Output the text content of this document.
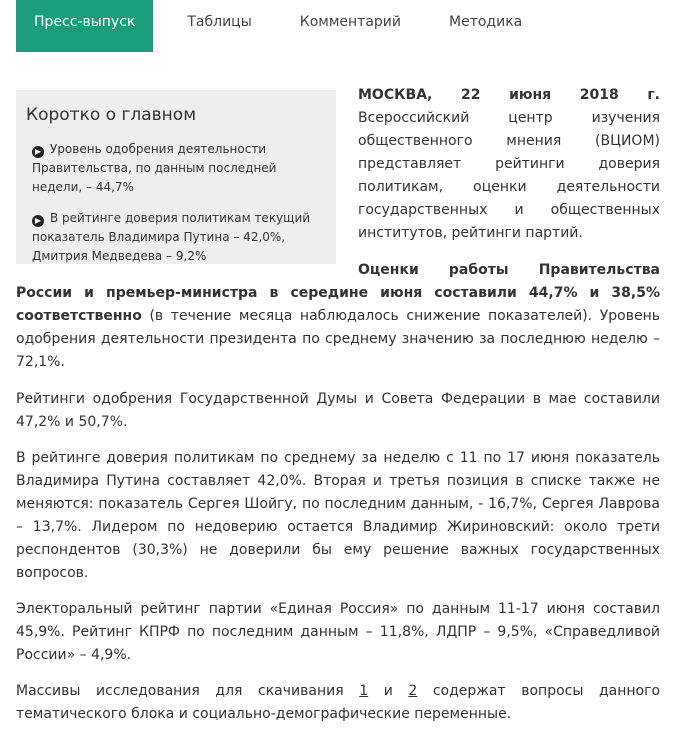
Пресс-выпуск	Таблицы	Комментарий	Методика
Коротко о главном
▶ Уровень одобрения деятельности Правительства, по данным последней недели, – 44,7%
▶ В рейтинге доверия политикам текущий показатель Владимира Путина – 42,0%, Дмитрия Медведева – 9,2%

МОСКВА, 22 июня 2018 г. Всероссийский центр изучения общественного мнения (ВЦИОМ) представляет рейтинги доверия политикам, оценки деятельности государственных и общественных институтов, рейтинги партий.

Оценки работы Правительства России и премьер-министра в середине июня составили 44,7% и 38,5% соответственно (в течение месяца наблюдалось снижение показателей). Уровень одобрения деятельности президента по среднему значению за последнюю неделю – 72,1%.

Рейтинги одобрения Государственной Думы и Совета Федерации в мае составили 47,2% и 50,7%.

В рейтинге доверия политикам по среднему за неделю с 11 по 17 июня показатель Владимира Путина составляет 42,0%. Вторая и третья позиция в списке также не меняются: показатель Сергея Шойгу, по последним данным, - 16,7%, Сергея Лаврова – 13,7%. Лидером по недоверию остается Владимир Жириновский: около трети респондентов (30,3%) не доверили бы ему решение важных государственных вопросов.

Электоральный рейтинг партии «Единая Россия» по данным 11-17 июня составил 45,9%. Рейтинг КПРФ по последним данным – 11,8%, ЛДПР – 9,5%, «Справедливой России» – 4,9%.

Массивы исследования для скачивания 1 и 2 содержат вопросы данного тематического блока и социально-демографические переменные.
